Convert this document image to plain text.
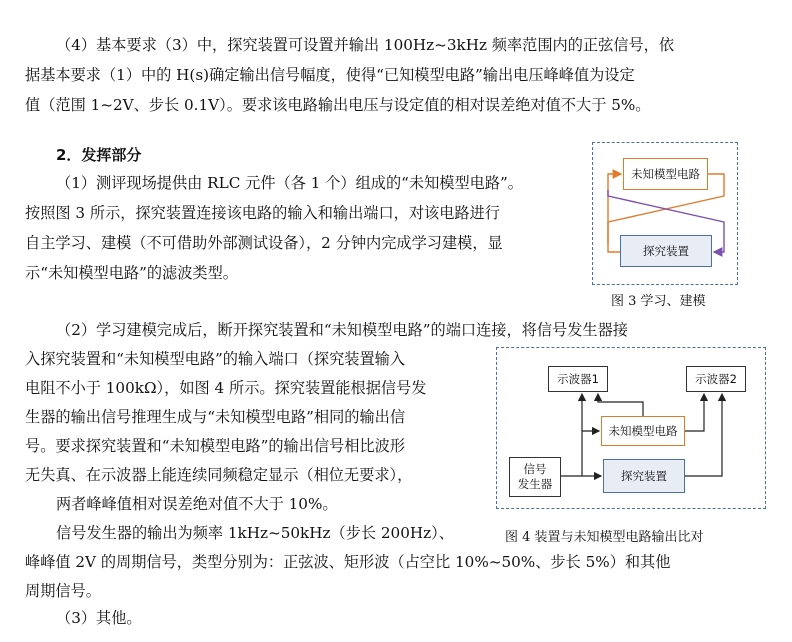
（4）基本要求（3）中，探究装置可设置并输出 100Hz~3kHz 频率范围内的正弦信号，依
据基本要求（1）中的 H(s)确定输出信号幅度，使得“已知模型电路”输出电压峰峰值为设定
值（范围 1~2V、步长 0.1V）。要求该电路输出电压与设定值的相对误差绝对值不大于 5%。
2．发挥部分
（1）测评现场提供由 RLC 元件（各 1 个）组成的“未知模型电路”。
按照图 3 所示，探究装置连接该电路的输入和输出端口，对该电路进行
自主学习、建模（不可借助外部测试设备），2 分钟内完成学习建模，显
示“未知模型电路”的滤波类型。
未知模型电路
探究装置
图 3 学习、建模
（2）学习建模完成后，断开探究装置和“未知模型电路”的端口连接，将信号发生器接
入探究装置和“未知模型电路”的输入端口（探究装置输入
电阻不小于 100kΩ），如图 4 所示。探究装置能根据信号发
生器的输出信号推理生成与“未知模型电路”相同的输出信
号。要求探究装置和“未知模型电路”的输出信号相比波形
无失真、在示波器上能连续同频稳定显示（相位无要求），
两者峰峰值相对误差绝对值不大于 10%。
信号发生器的输出为频率 1kHz~50kHz（步长 200Hz）、
峰峰值 2V 的周期信号，类型分别为：正弦波、矩形波（占空比 10%~50%、步长 5%）和其他
周期信号。
示波器1	示波器2
未知模型电路
探究装置
信号
发生器
图 4 装置与未知模型电路输出比对
（3）其他。
